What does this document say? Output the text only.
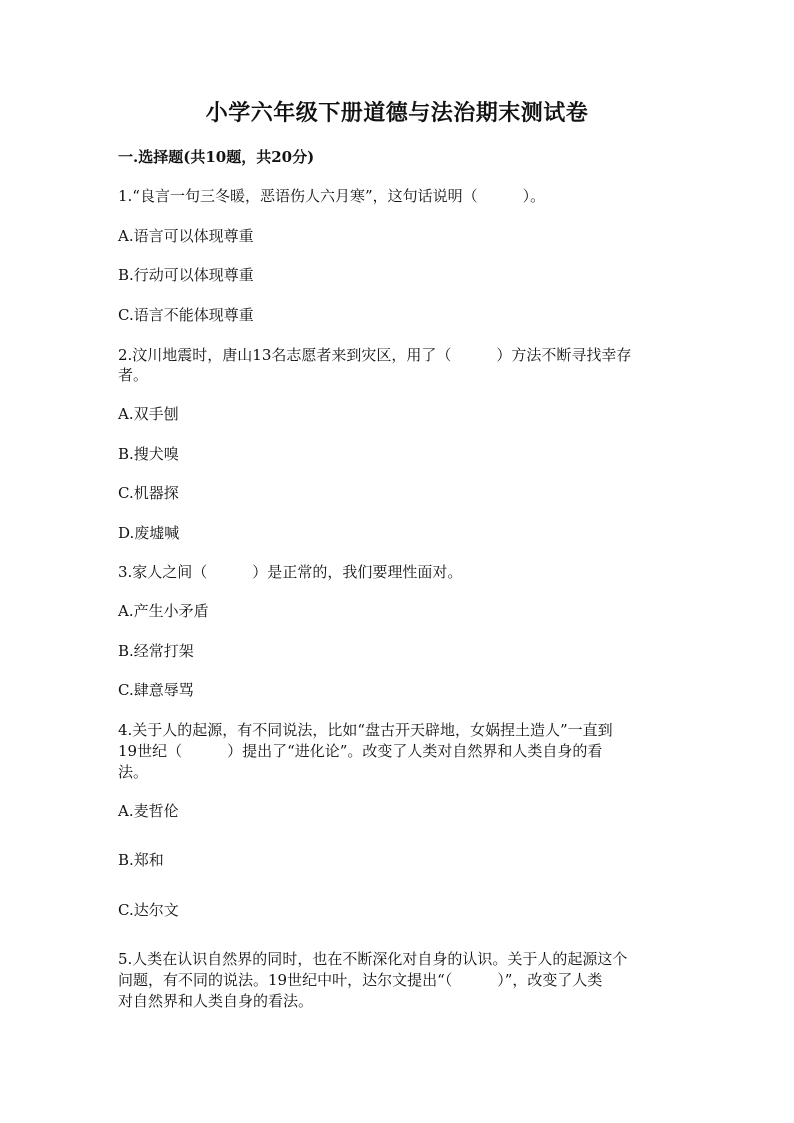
小学六年级下册道德与法治期末测试卷
一.选择题(共10题，共20分)
1.“良言一句三冬暖，恶语伤人六月寒”，这句话说明（　　　）。
A.语言可以体现尊重
B.行动可以体现尊重
C.语言不能体现尊重
2.汶川地震时，唐山13名志愿者来到灾区，用了（　　　）方法不断寻找幸存
者。
A.双手刨
B.搜犬嗅
C.机器探
D.废墟喊
3.家人之间（　　　）是正常的，我们要理性面对。
A.产生小矛盾
B.经常打架
C.肆意辱骂
4.关于人的起源，有不同说法，比如“盘古开天辟地，女娲捏土造人”一直到
19世纪（　　　）提出了“进化论”。改变了人类对自然界和人类自身的看
法。
A.麦哲伦
B.郑和
C.达尔文
5.人类在认识自然界的同时，也在不断深化对自身的认识。关于人的起源这个
问题，有不同的说法。19世纪中叶，达尔文提出“（　　　）”，改变了人类
对自然界和人类自身的看法。
